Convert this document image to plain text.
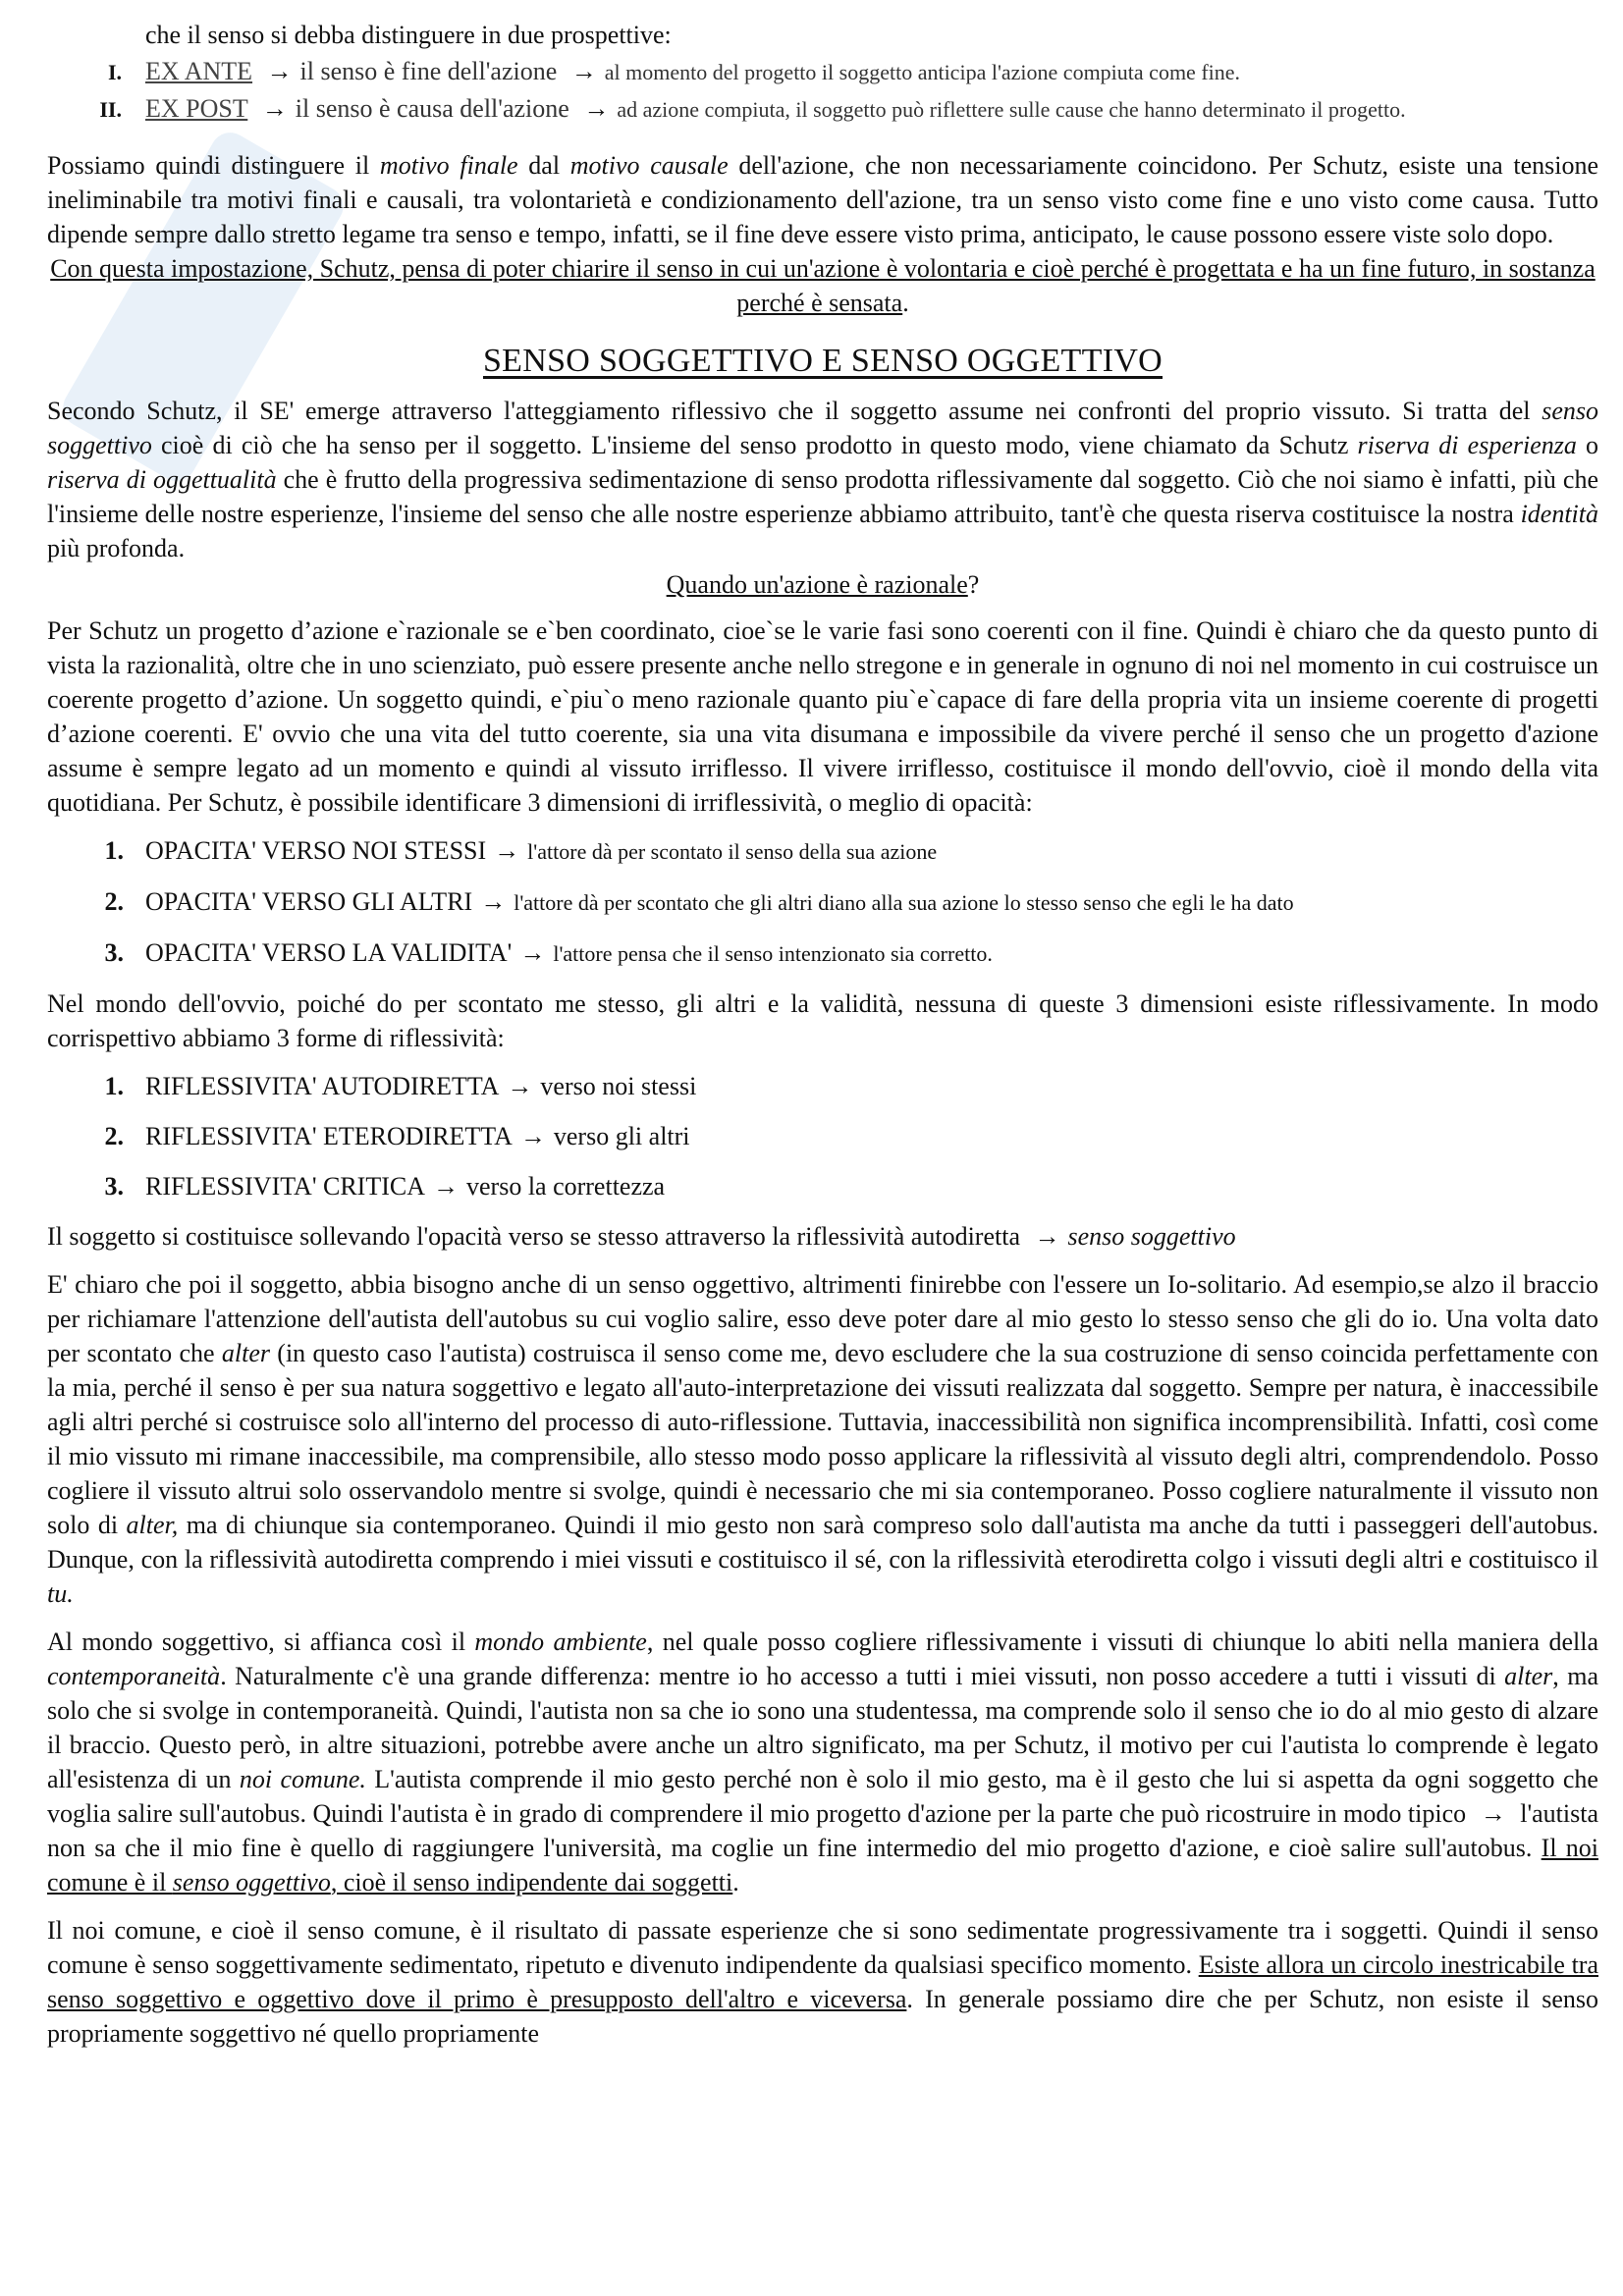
che il senso si debba distinguere in due prospettive:

I. EX ANTE → il senso è fine dell'azione → al momento del progetto il soggetto anticipa l'azione compiuta come fine.
II. EX POST → il senso è causa dell'azione → ad azione compiuta, il soggetto può riflettere sulle cause che hanno determinato il progetto.

Possiamo quindi distinguere il motivo finale dal motivo causale dell'azione, che non necessariamente coincidono. Per Schutz, esiste una tensione ineliminabile tra motivi finali e causali, tra volontarietà e condizionamento dell'azione, tra un senso visto come fine e uno visto come causa. Tutto dipende sempre dallo stretto legame tra senso e tempo, infatti, se il fine deve essere visto prima, anticipato, le cause possono essere viste solo dopo.

Con questa impostazione, Schutz, pensa di poter chiarire il senso in cui un'azione è volontaria e cioè perché è progettata e ha un fine futuro, in sostanza perché è sensata.

SENSO SOGGETTIVO E SENSO OGGETTIVO

Secondo Schutz, il SE' emerge attraverso l'atteggiamento riflessivo che il soggetto assume nei confronti del proprio vissuto. Si tratta del senso soggettivo cioè di ciò che ha senso per il soggetto. L'insieme del senso prodotto in questo modo, viene chiamato da Schutz riserva di esperienza o riserva di oggettualità che è frutto della progressiva sedimentazione di senso prodotta riflessivamente dal soggetto. Ciò che noi siamo è infatti, più che l'insieme delle nostre esperienze, l'insieme del senso che alle nostre esperienze abbiamo attribuito, tant'è che questa riserva costituisce la nostra identità più profonda.

Quando un'azione è razionale?

Per Schutz un progetto d’azione e`razionale se e`ben coordinato, cioe`se le varie fasi sono coerenti con il fine. Quindi è chiaro che da questo punto di vista la razionalità, oltre che in uno scienziato, può essere presente anche nello stregone e in generale in ognuno di noi nel momento in cui costruisce un coerente progetto d’azione. Un soggetto quindi, e`piu`o meno razionale quanto piu`e`capace di fare della propria vita un insieme coerente di progetti d’azione coerenti. E' ovvio che una vita del tutto coerente, sia una vita disumana e impossibile da vivere perché il senso che un progetto d'azione assume è sempre legato ad un momento e quindi al vissuto irriflesso. Il vivere irriflesso, costituisce il mondo dell'ovvio, cioè il mondo della vita quotidiana. Per Schutz, è possibile identificare 3 dimensioni di irriflessività, o meglio di opacità:

1. OPACITA' VERSO NOI STESSI → l'attore dà per scontato il senso della sua azione
2. OPACITA' VERSO GLI ALTRI → l'attore dà per scontato che gli altri diano alla sua azione lo stesso senso che egli le ha dato
3. OPACITA' VERSO LA VALIDITA' → l'attore pensa che il senso intenzionato sia corretto.

Nel mondo dell'ovvio, poiché do per scontato me stesso, gli altri e la validità, nessuna di queste 3 dimensioni esiste riflessivamente. In modo corrispettivo abbiamo 3 forme di riflessività:

1. RIFLESSIVITA' AUTODIRETTA → verso noi stessi
2. RIFLESSIVITA' ETERODIRETTA → verso gli altri
3. RIFLESSIVITA' CRITICA → verso la correttezza

Il soggetto si costituisce sollevando l'opacità verso se stesso attraverso la riflessività autodiretta → senso soggettivo

E' chiaro che poi il soggetto, abbia bisogno anche di un senso oggettivo, altrimenti finirebbe con l'essere un Io-solitario. Ad esempio,se alzo il braccio per richiamare l'attenzione dell'autista dell'autobus su cui voglio salire, esso deve poter dare al mio gesto lo stesso senso che gli do io. Una volta dato per scontato che alter (in questo caso l'autista) costruisca il senso come me, devo escludere che la sua costruzione di senso coincida perfettamente con la mia, perché il senso è per sua natura soggettivo e legato all'auto-interpretazione dei vissuti realizzata dal soggetto. Sempre per natura, è inaccessibile agli altri perché si costruisce solo all'interno del processo di auto-riflessione. Tuttavia, inaccessibilità non significa incomprensibilità. Infatti, così come il mio vissuto mi rimane inaccessibile, ma comprensibile, allo stesso modo posso applicare la riflessività al vissuto degli altri, comprendendolo. Posso cogliere il vissuto altrui solo osservandolo mentre si svolge, quindi è necessario che mi sia contemporaneo. Posso cogliere naturalmente il vissuto non solo di alter, ma di chiunque sia contemporaneo. Quindi il mio gesto non sarà compreso solo dall'autista ma anche da tutti i passeggeri dell'autobus. Dunque, con la riflessività autodiretta comprendo i miei vissuti e costituisco il sé, con la riflessività eterodiretta colgo i vissuti degli altri e costituisco il tu.

Al mondo soggettivo, si affianca così il mondo ambiente, nel quale posso cogliere riflessivamente i vissuti di chiunque lo abiti nella maniera della contemporaneità. Naturalmente c'è una grande differenza: mentre io ho accesso a tutti i miei vissuti, non posso accedere a tutti i vissuti di alter, ma solo che si svolge in contemporaneità. Quindi, l'autista non sa che io sono una studentessa, ma comprende solo il senso che io do al mio gesto di alzare il braccio. Questo però, in altre situazioni, potrebbe avere anche un altro significato, ma per Schutz, il motivo per cui l'autista lo comprende è legato all'esistenza di un noi comune. L'autista comprende il mio gesto perché non è solo il mio gesto, ma è il gesto che lui si aspetta da ogni soggetto che voglia salire sull'autobus. Quindi l'autista è in grado di comprendere il mio progetto d'azione per la parte che può ricostruire in modo tipico → l'autista non sa che il mio fine è quello di raggiungere l'università, ma coglie un fine intermedio del mio progetto d'azione, e cioè salire sull'autobus. Il noi comune è il senso oggettivo, cioè il senso indipendente dai soggetti.

Il noi comune, e cioè il senso comune, è il risultato di passate esperienze che si sono sedimentate progressivamente tra i soggetti. Quindi il senso comune è senso soggettivamente sedimentato, ripetuto e divenuto indipendente da qualsiasi specifico momento. Esiste allora un circolo inestricabile tra senso soggettivo e oggettivo dove il primo è presupposto dell'altro e viceversa. In generale possiamo dire che per Schutz, non esiste il senso propriamente soggettivo né quello propriamente
